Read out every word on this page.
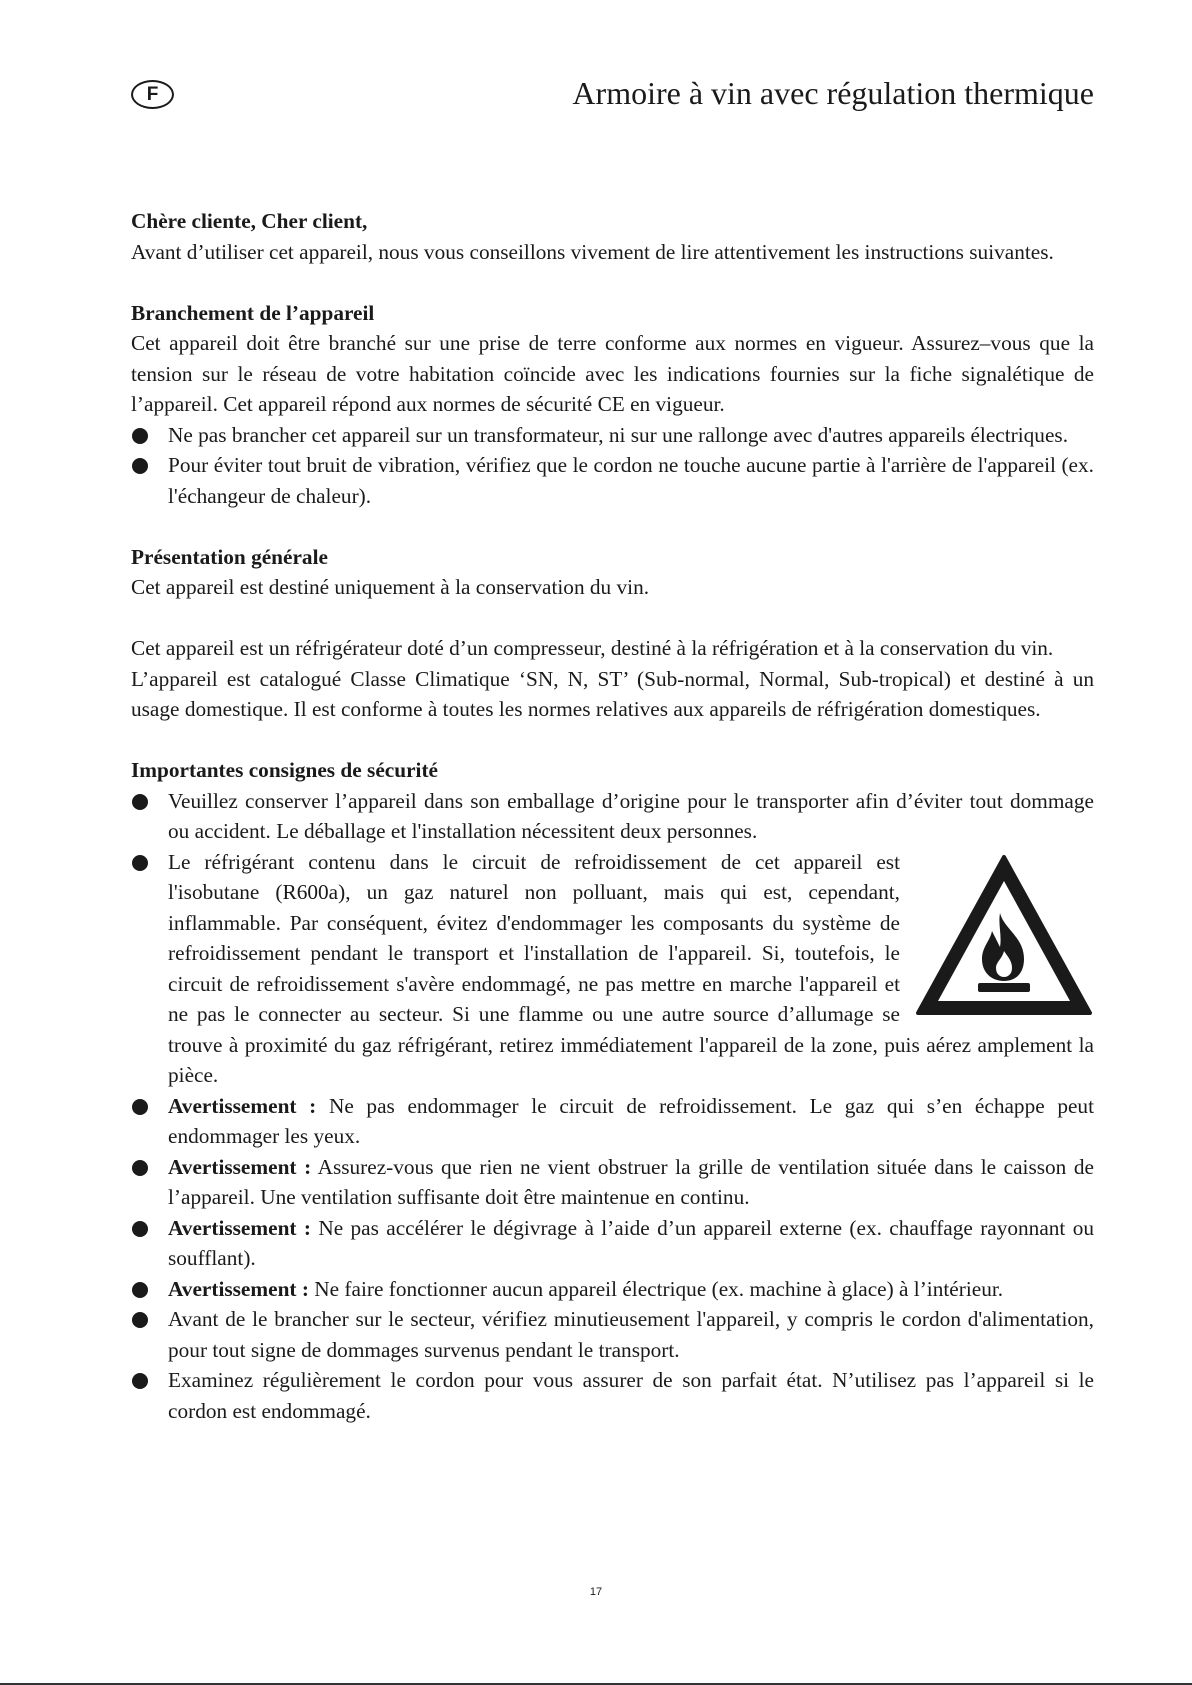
F	Armoire à vin avec régulation thermique
Chère cliente, Cher client,

Avant d’utiliser cet appareil, nous vous conseillons vivement de lire attentivement les instructions suivantes.

Branchement de l’appareil

Cet appareil doit être branché sur une prise de terre conforme aux normes en vigueur. Assurez–vous que la tension sur le réseau de votre habitation coïncide avec les indications fournies sur la fiche signalétique de l’appareil. Cet appareil répond aux normes de sécurité CE en vigueur.

Ne pas brancher cet appareil sur un transformateur, ni sur une rallonge avec d'autres appareils électriques.
Pour éviter tout bruit de vibration, vérifiez que le cordon ne touche aucune partie à l'arrière de l'appareil (ex. l'échangeur de chaleur).
Présentation générale

Cet appareil est destiné uniquement à la conservation du vin.

Cet appareil est un réfrigérateur doté d’un compresseur, destiné à la réfrigération et à la conservation du vin.

L’appareil est catalogué Classe Climatique ‘SN, N, ST’ (Sub-normal, Normal, Sub-tropical) et destiné à un usage domestique. Il est conforme à toutes les normes relatives aux appareils de réfrigération domestiques.

Importantes consignes de sécurité
Veuillez conserver l’appareil dans son emballage d’origine pour le transporter afin d’éviter tout dommage ou accident. Le déballage et l'installation nécessitent deux personnes.
Le réfrigérant contenu dans le circuit de refroidissement de cet appareil est l'isobutane (R600a), un gaz naturel non polluant, mais qui est, cependant, inflammable. Par conséquent, évitez d'endommager les composants du système de refroidissement pendant le transport et l'installation de l'appareil. Si, toutefois, le circuit de refroidissement s'avère endommagé, ne pas mettre en marche l'appareil et ne pas le connecter au secteur. Si une flamme ou une autre source d’allumage se trouve à proximité du gaz réfrigérant, retirez immédiatement l'appareil de la zone, puis aérez amplement la pièce.
Avertissement : Ne pas endommager le circuit de refroidissement. Le gaz qui s’en échappe peut endommager les yeux.
Avertissement : Assurez-vous que rien ne vient obstruer la grille de ventilation située dans le caisson de l’appareil. Une ventilation suffisante doit être maintenue en continu.
Avertissement : Ne pas accélérer le dégivrage à l’aide d’un appareil externe (ex. chauffage rayonnant ou soufflant).
Avertissement : Ne faire fonctionner aucun appareil électrique (ex. machine à glace) à l’intérieur.
Avant de le brancher sur le secteur, vérifiez minutieusement l'appareil, y compris le cordon d'alimentation, pour tout signe de dommages survenus pendant le transport.
Examinez régulièrement le cordon pour vous assurer de son parfait état. N’utilisez pas l’appareil si le cordon est endommagé.
17
